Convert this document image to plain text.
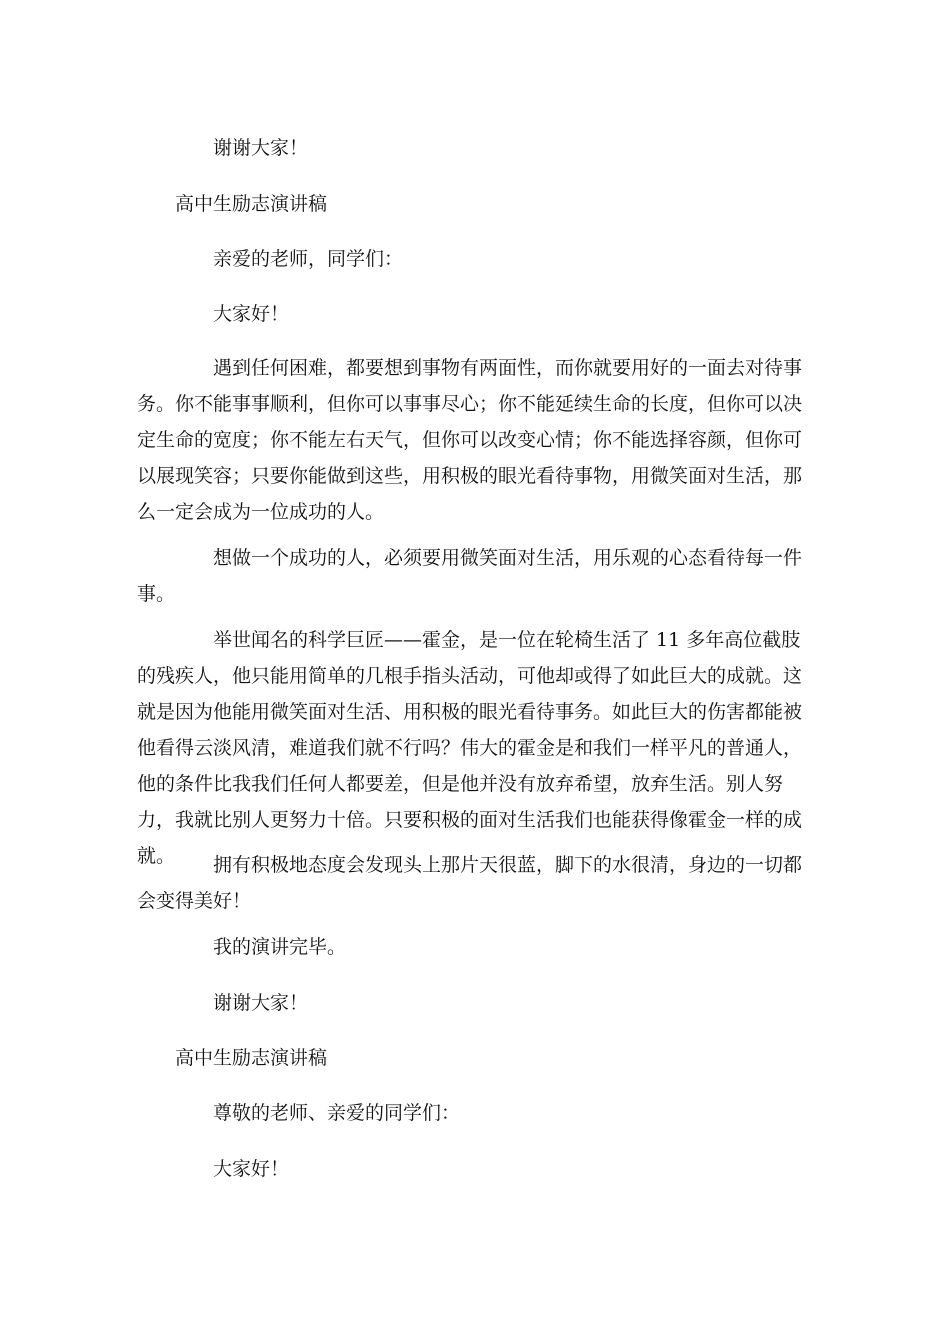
谢谢大家！

高中生励志演讲稿

亲爱的老师，同学们：

大家好！

遇到任何困难，都要想到事物有两面性，而你就要用好的一面去对待事务。你不能事事顺利，但你可以事事尽心；你不能延续生命的长度，但你可以决定生命的宽度；你不能左右天气，但你可以改变心情；你不能选择容颜，但你可以展现笑容；只要你能做到这些，用积极的眼光看待事物，用微笑面对生活，那么一定会成为一位成功的人。

想做一个成功的人，必须要用微笑面对生活，用乐观的心态看待每一件事。

举世闻名的科学巨匠——霍金，是一位在轮椅生活了 11 多年高位截肢的残疾人，他只能用简单的几根手指头活动，可他却或得了如此巨大的成就。这就是因为他能用微笑面对生活、用积极的眼光看待事务。如此巨大的伤害都能被他看得云淡风清，难道我们就不行吗？伟大的霍金是和我们一样平凡的普通人，他的条件比我我们任何人都要差，但是他并没有放弃希望，放弃生活。别人努力，我就比别人更努力十倍。只要积极的面对生活我们也能获得像霍金一样的成就。	拥有积极地态度会发现头上那片天很蓝，脚下的水很清，身边的一切都会变得美好！

我的演讲完毕。

谢谢大家！

高中生励志演讲稿

尊敬的老师、亲爱的同学们：

大家好！
